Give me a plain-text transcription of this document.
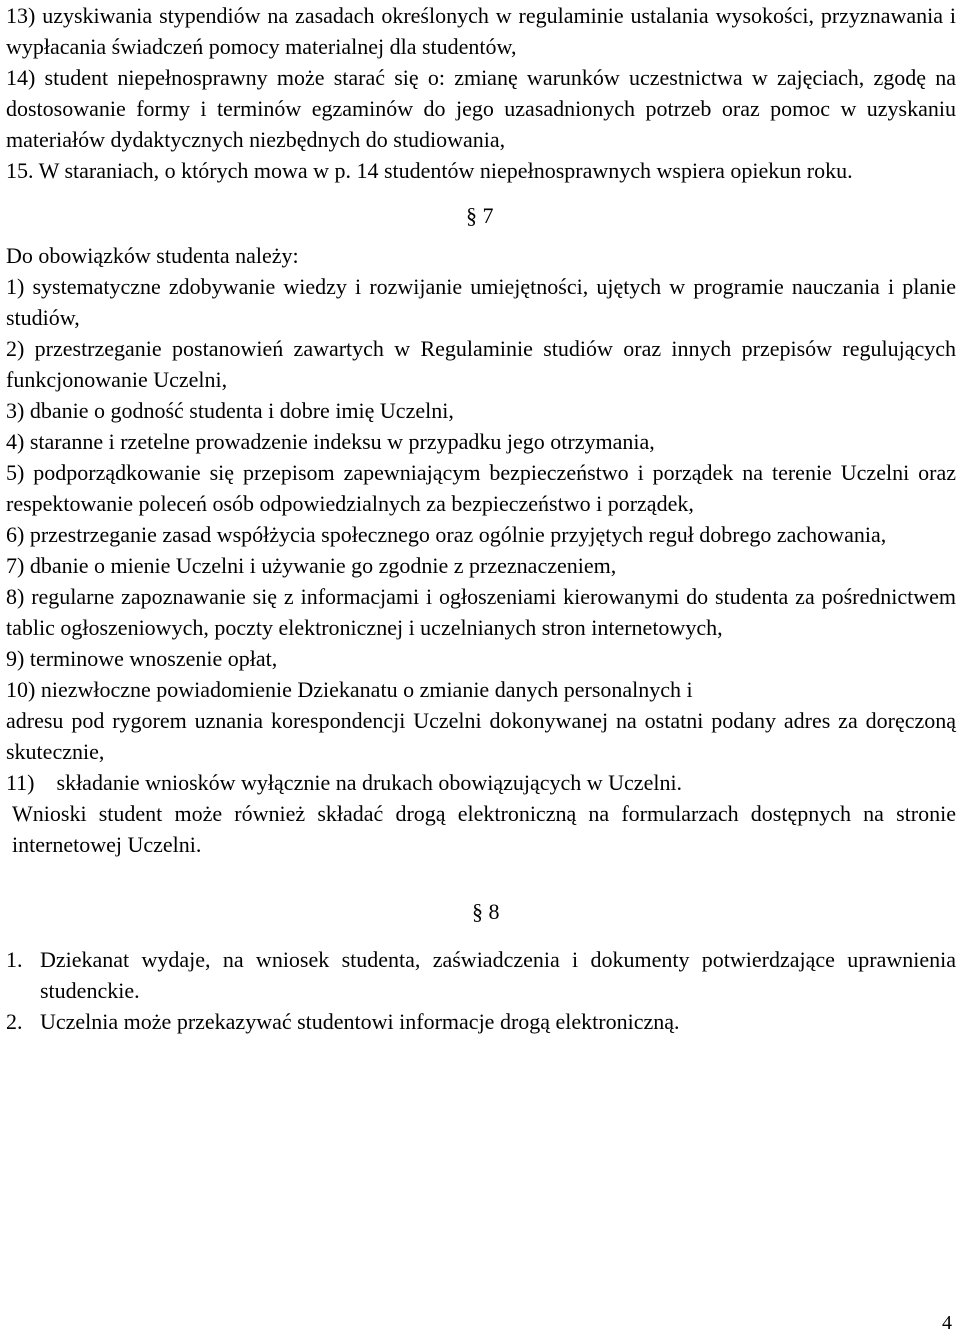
13) uzyskiwania stypendiów na zasadach określonych w regulaminie ustalania wysokości, przyznawania i wypłacania świadczeń pomocy materialnej dla studentów,

14) student niepełnosprawny może starać się o: zmianę warunków uczestnictwa w zajęciach, zgodę na dostosowanie formy i terminów egzaminów do jego uzasadnionych potrzeb oraz pomoc w uzyskaniu materiałów dydaktycznych niezbędnych do studiowania,

15. W staraniach, o których mowa w p. 14 studentów niepełnosprawnych wspiera opiekun roku.

§ 7

Do obowiązków studenta należy:

1) systematyczne zdobywanie wiedzy i rozwijanie umiejętności, ujętych w programie nauczania i planie studiów,

2) przestrzeganie postanowień zawartych w Regulaminie studiów oraz innych przepisów regulujących funkcjonowanie Uczelni,

3) dbanie o godność studenta i dobre imię Uczelni,

4) staranne i rzetelne prowadzenie indeksu w przypadku jego otrzymania,

5) podporządkowanie się przepisom zapewniającym bezpieczeństwo i porządek na terenie Uczelni oraz respektowanie poleceń osób odpowiedzialnych za bezpieczeństwo i porządek,

6) przestrzeganie zasad współżycia społecznego oraz ogólnie przyjętych reguł dobrego zachowania,

7) dbanie o mienie Uczelni i używanie go zgodnie z przeznaczeniem,

8) regularne zapoznawanie się z informacjami i ogłoszeniami kierowanymi do studenta za pośrednictwem tablic ogłoszeniowych, poczty elektronicznej i uczelnianych stron internetowych,

9) terminowe wnoszenie opłat,

10) niezwłoczne powiadomienie Dziekanatu o zmianie danych personalnych i

adresu pod rygorem uznania korespondencji Uczelni dokonywanej na ostatni podany adres za doręczoną skutecznie,

11)    składanie wniosków wyłącznie na drukach obowiązujących w Uczelni.

Wnioski student może również składać drogą elektroniczną na formularzach dostępnych na stronie internetowej Uczelni.

§ 8
1. Dziekanat wydaje, na wniosek studenta, zaświadczenia i dokumenty potwierdzające uprawnienia studenckie.
2. Uczelnia może przekazywać studentowi informacje drogą elektroniczną.
4
